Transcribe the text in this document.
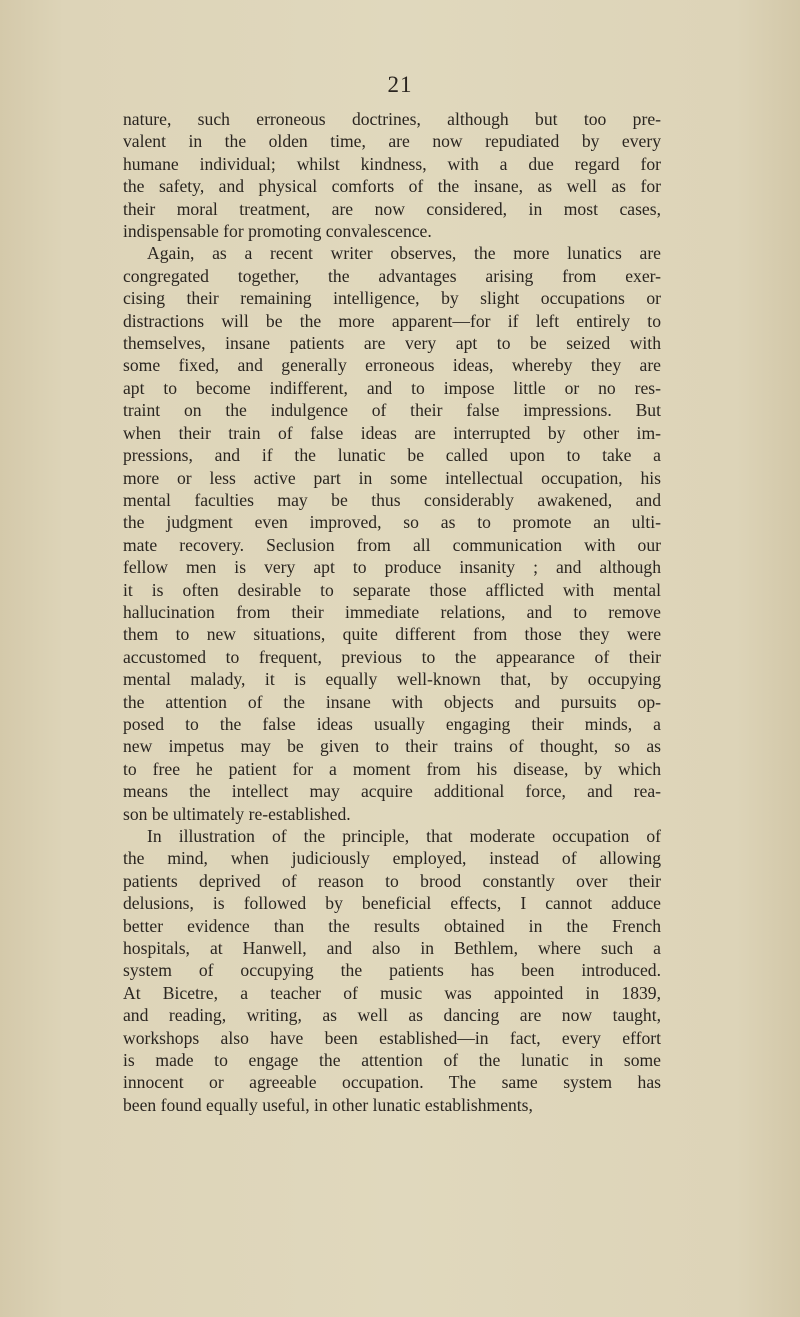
21

nature, such erroneous doctrines, although but too pre-
valent in the olden time, are now repudiated by every
humane individual; whilst kindness, with a due regard for
the safety, and physical comforts of the insane, as well as for
their moral treatment, are now considered, in most cases,
indispensable for promoting convalescence.

Again, as a recent writer observes, the more lunatics are
congregated together, the advantages arising from exer-
cising their remaining intelligence, by slight occupations or
distractions will be the more apparent—for if left entirely to
themselves, insane patients are very apt to be seized with
some fixed, and generally erroneous ideas, whereby they are
apt to become indifferent, and to impose little or no res-
traint on the indulgence of their false impressions. But
when their train of false ideas are interrupted by other im-
pressions, and if the lunatic be called upon to take a
more or less active part in some intellectual occupation, his
mental faculties may be thus considerably awakened, and
the judgment even improved, so as to promote an ulti-
mate recovery. Seclusion from all communication with our
fellow men is very apt to produce insanity ; and although
it is often desirable to separate those afflicted with mental
hallucination from their immediate relations, and to remove
them to new situations, quite different from those they were
accustomed to frequent, previous to the appearance of their
mental malady, it is equally well-known that, by occupying
the attention of the insane with objects and pursuits op-
posed to the false ideas usually engaging their minds, a
new impetus may be given to their trains of thought, so as
to free he patient for a moment from his disease, by which
means the intellect may acquire additional force, and rea-
son be ultimately re-established.

In illustration of the principle, that moderate occupation of
the mind, when judiciously employed, instead of allowing
patients deprived of reason to brood constantly over their
delusions, is followed by beneficial effects, I cannot adduce
better evidence than the results obtained in the French
hospitals, at Hanwell, and also in Bethlem, where such a
system of occupying the patients has been introduced.
At Bicetre, a teacher of music was appointed in 1839,
and reading, writing, as well as dancing are now taught,
workshops also have been established—in fact, every effort
is made to engage the attention of the lunatic in some
innocent or agreeable occupation. The same system has
been found equally useful, in other lunatic establishments,
